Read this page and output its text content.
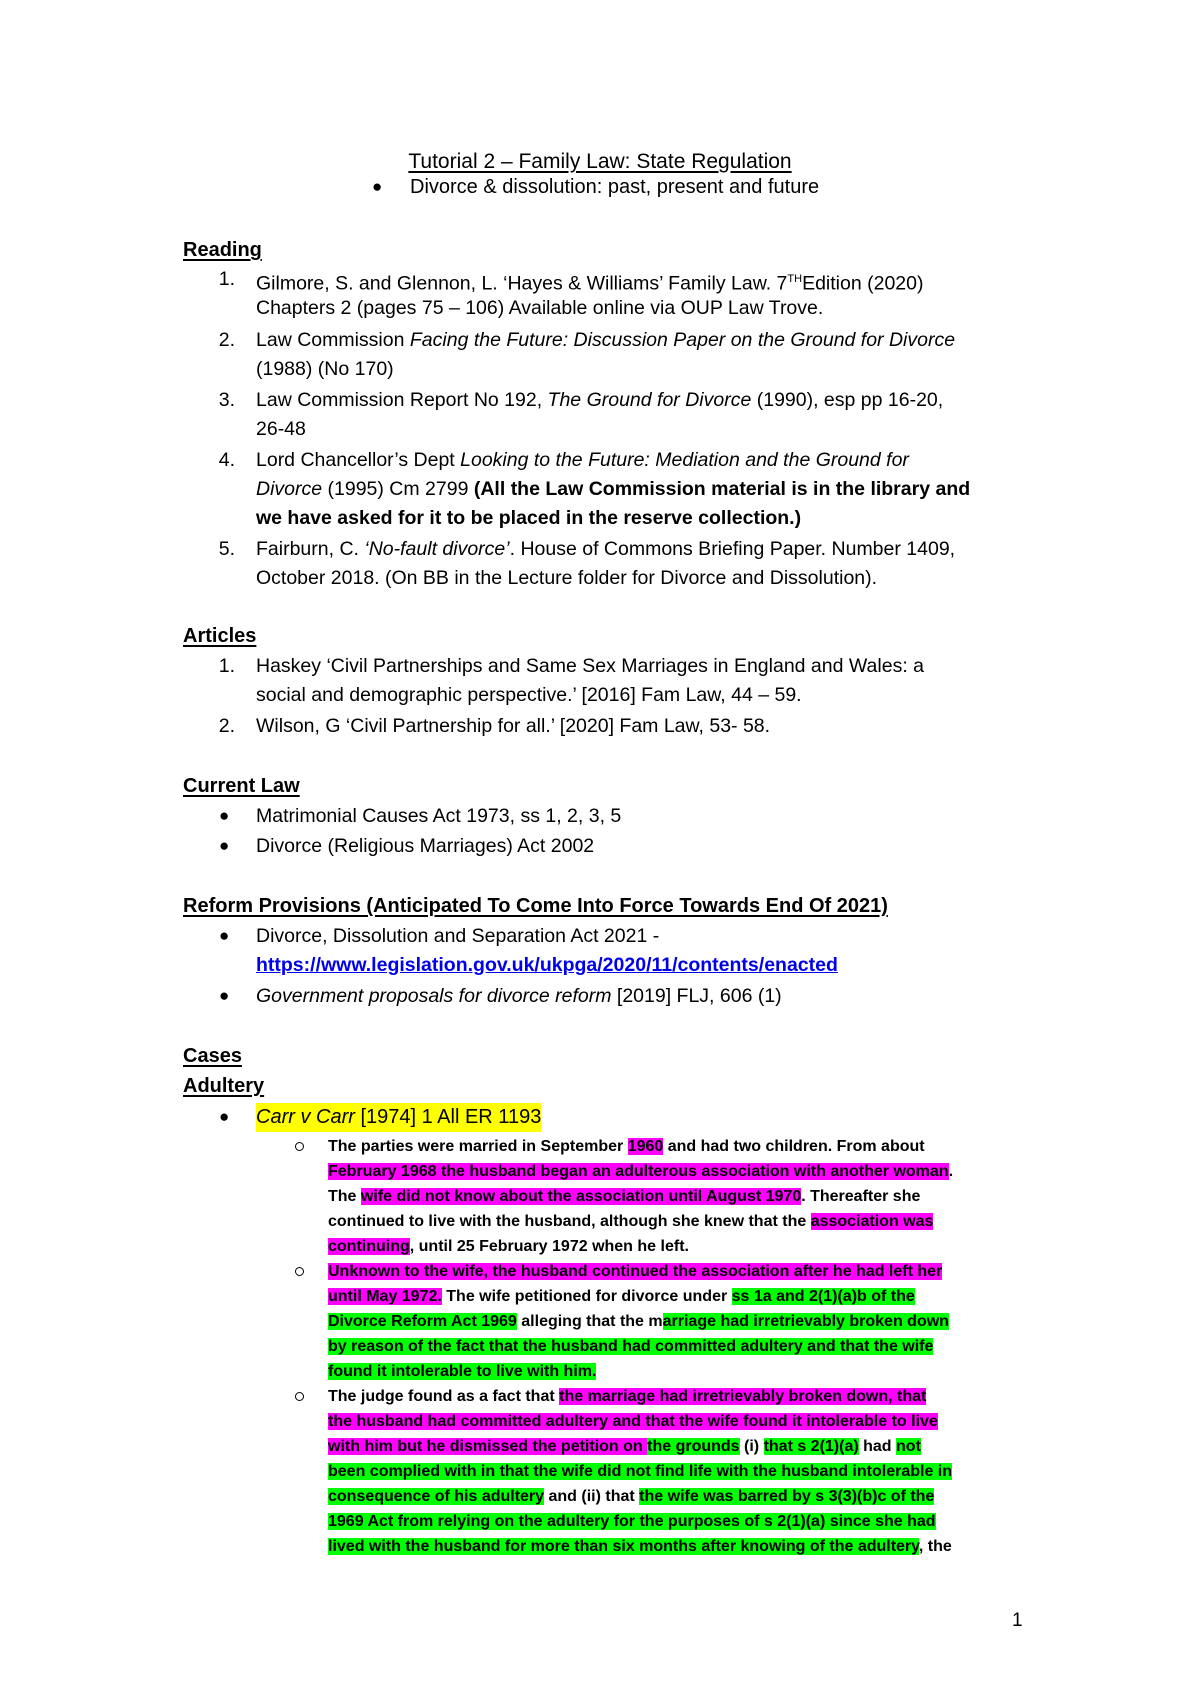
Tutorial 2 – Family Law: State Regulation
●	Divorce & dissolution: past, present and future
Reading
1. Gilmore, S. and Glennon, L. ‘Hayes & Williams’ Family Law. 7THEdition (2020)
Chapters 2 (pages 75 – 106) Available online via OUP Law Trove.
2. Law Commission Facing the Future: Discussion Paper on the Ground for Divorce
(1988) (No 170)
3. Law Commission Report No 192, The Ground for Divorce (1990), esp pp 16-20,
26-48
4. Lord Chancellor’s Dept Looking to the Future: Mediation and the Ground for
Divorce (1995) Cm 2799 (All the Law Commission material is in the library and
we have asked for it to be placed in the reserve collection.)
5. Fairburn, C. ‘No-fault divorce’. House of Commons Briefing Paper. Number 1409,
October 2018. (On BB in the Lecture folder for Divorce and Dissolution).
Articles
1. Haskey ‘Civil Partnerships and Same Sex Marriages in England and Wales: a
social and demographic perspective.’ [2016] Fam Law, 44 – 59.
2. Wilson, G ‘Civil Partnership for all.’ [2020] Fam Law, 53- 58.
Current Law
● Matrimonial Causes Act 1973, ss 1, 2, 3, 5
● Divorce (Religious Marriages) Act 2002
Reform Provisions (Anticipated To Come Into Force Towards End Of 2021)
● Divorce, Dissolution and Separation Act 2021 -
https://www.legislation.gov.uk/ukpga/2020/11/contents/enacted
● Government proposals for divorce reform [2019] FLJ, 606 (1)
Cases
Adultery
● Carr v Carr [1974] 1 All ER 1193
The parties were married in September 1960 and had two children. From about
February 1968 the husband began an adulterous association with another woman.
The wife did not know about the association until August 1970. Thereafter she
continued to live with the husband, although she knew that the association was
continuing, until 25 February 1972 when he left.
Unknown to the wife, the husband continued the association after he had left her
until May 1972. The wife petitioned for divorce under ss 1a and 2(1)(a)b of the
Divorce Reform Act 1969 alleging that the marriage had irretrievably broken down
by reason of the fact that the husband had committed adultery and that the wife
found it intolerable to live with him.
The judge found as a fact that the marriage had irretrievably broken down, that
the husband had committed adultery and that the wife found it intolerable to live
with him but he dismissed the petition on the grounds (i) that s 2(1)(a) had not
been complied with in that the wife did not find life with the husband intolerable in
consequence of his adultery and (ii) that the wife was barred by s 3(3)(b)c of the
1969 Act from relying on the adultery for the purposes of s 2(1)(a) since she had
lived with the husband for more than six months after knowing of the adultery, the
1
